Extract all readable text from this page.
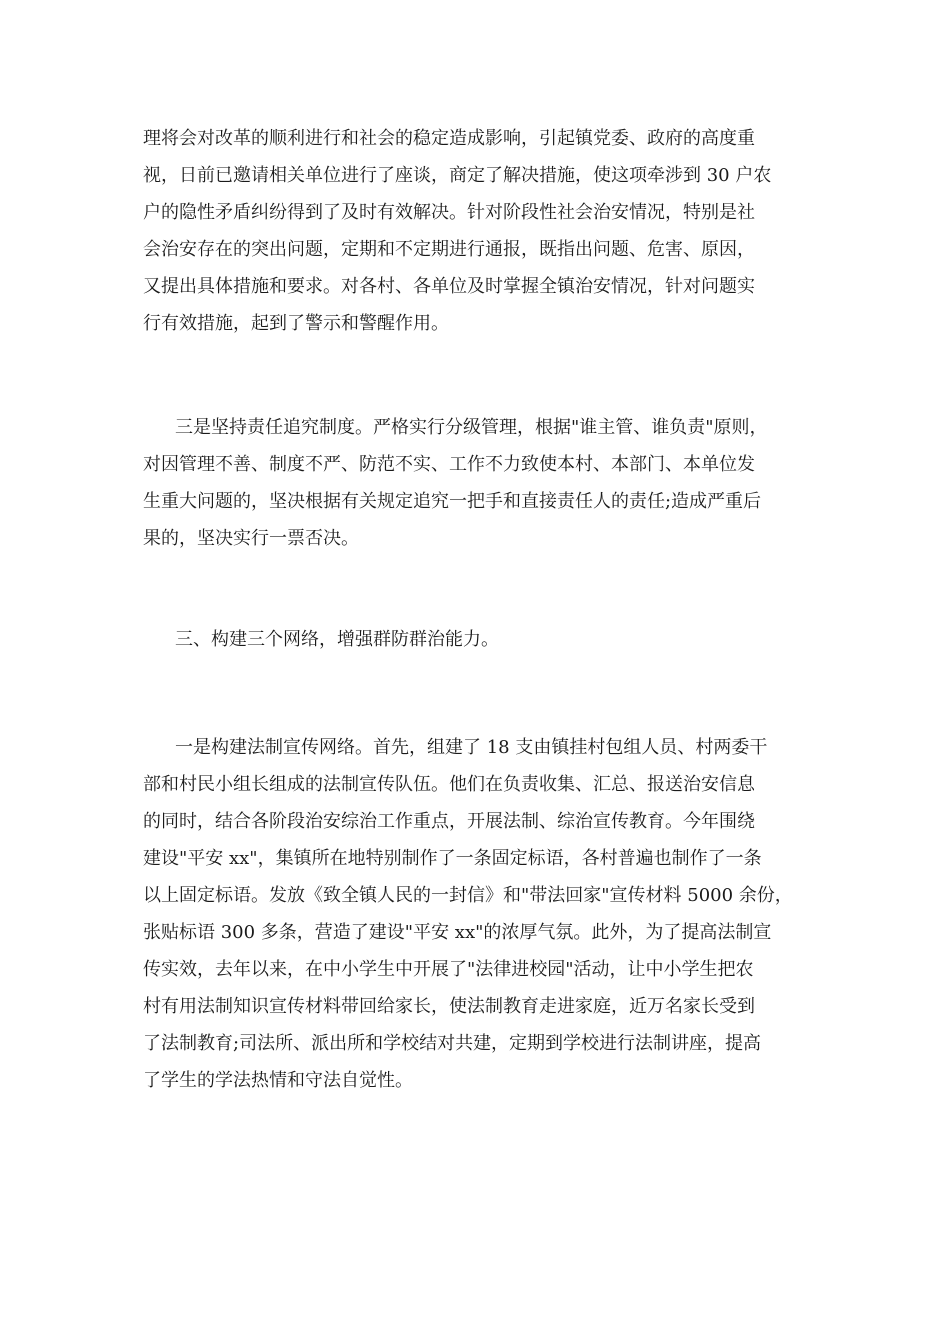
理将会对改革的顺利进行和社会的稳定造成影响，引起镇党委、政府的高度重
视，日前已邀请相关单位进行了座谈，商定了解决措施，使这项牵涉到 30 户农
户的隐性矛盾纠纷得到了及时有效解决。针对阶段性社会治安情况，特别是社
会治安存在的突出问题，定期和不定期进行通报，既指出问题、危害、原因，
又提出具体措施和要求。对各村、各单位及时掌握全镇治安情况，针对问题实
行有效措施，起到了警示和警醒作用。
三是坚持责任追究制度。严格实行分级管理，根据"谁主管、谁负责"原则，
对因管理不善、制度不严、防范不实、工作不力致使本村、本部门、本单位发
生重大问题的，坚决根据有关规定追究一把手和直接责任人的责任;造成严重后
果的，坚决实行一票否决。
三、构建三个网络，增强群防群治能力。
一是构建法制宣传网络。首先，组建了 18 支由镇挂村包组人员、村两委干
部和村民小组长组成的法制宣传队伍。他们在负责收集、汇总、报送治安信息
的同时，结合各阶段治安综治工作重点，开展法制、综治宣传教育。今年围绕
建设"平安 xx"，集镇所在地特别制作了一条固定标语，各村普遍也制作了一条
以上固定标语。发放《致全镇人民的一封信》和"带法回家"宣传材料 5000 余份，
张贴标语 300 多条，营造了建设"平安 xx"的浓厚气氛。此外，为了提高法制宣
传实效，去年以来，在中小学生中开展了"法律进校园"活动，让中小学生把农
村有用法制知识宣传材料带回给家长，使法制教育走进家庭，近万名家长受到
了法制教育;司法所、派出所和学校结对共建，定期到学校进行法制讲座，提高
了学生的学法热情和守法自觉性。
